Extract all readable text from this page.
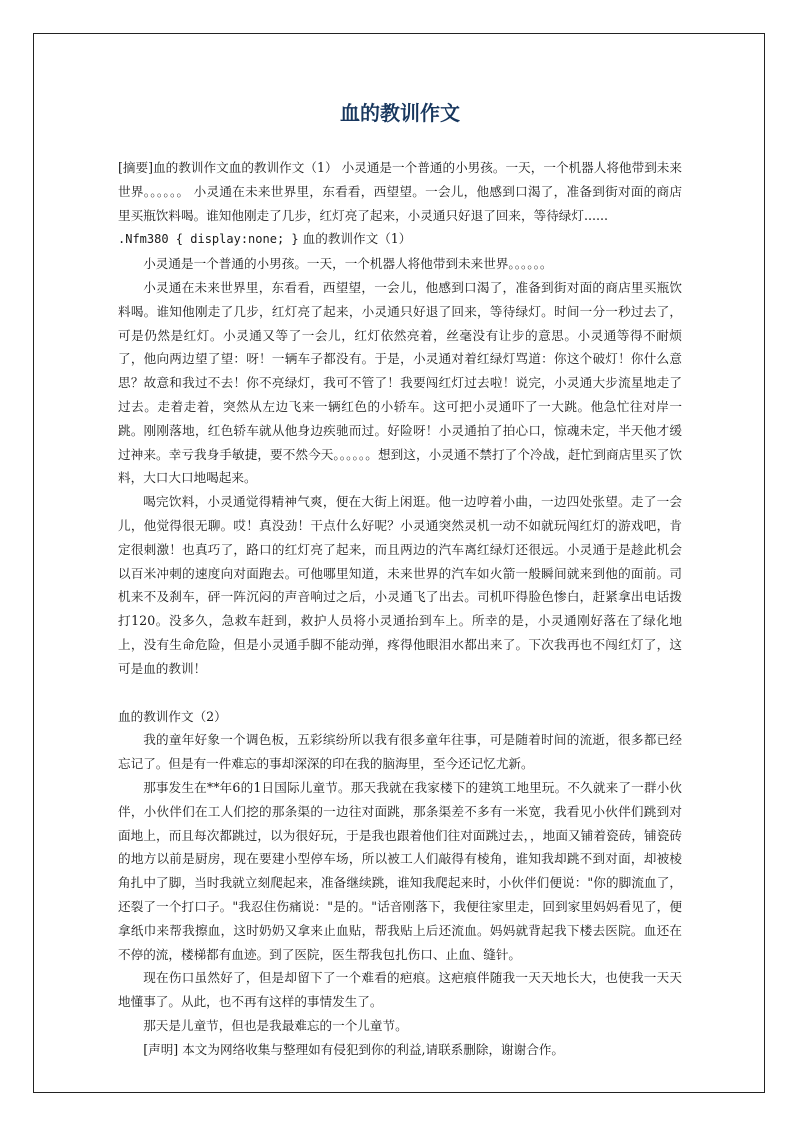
血的教训作文

[摘要]血的教训作文血的教训作文（1） 小灵通是一个普通的小男孩。一天，一个机器人将他带到未来世界。。。。。。 小灵通在未来世界里，东看看，西望望。一会儿，他感到口渴了，准备到街对面的商店里买瓶饮料喝。谁知他刚走了几步，红灯亮了起来，小灵通只好退了回来，等待绿灯......

.Nfm380 { display:none; } 血的教训作文（1）

小灵通是一个普通的小男孩。一天，一个机器人将他带到未来世界。。。。。。

小灵通在未来世界里，东看看，西望望，一会儿，他感到口渴了，准备到街对面的商店里买瓶饮料喝。谁知他刚走了几步，红灯亮了起来，小灵通只好退了回来，等待绿灯。时间一分一秒过去了，可是仍然是红灯。小灵通又等了一会儿，红灯依然亮着，丝毫没有让步的意思。小灵通等得不耐烦了，他向两边望了望：呀！一辆车子都没有。于是，小灵通对着红绿灯骂道：你这个破灯！你什么意思？故意和我过不去！你不亮绿灯，我可不管了！我要闯红灯过去啦！说完，小灵通大步流星地走了过去。走着走着，突然从左边飞来一辆红色的小轿车。这可把小灵通吓了一大跳。他急忙往对岸一跳。刚刚落地，红色轿车就从他身边疾驰而过。好险呀！小灵通拍了拍心口，惊魂未定，半天他才缓过神来。幸亏我身手敏捷，要不然今天。。。。。。想到这，小灵通不禁打了个冷战，赶忙到商店里买了饮料，大口大口地喝起来。

喝完饮料，小灵通觉得精神气爽，便在大街上闲逛。他一边哼着小曲，一边四处张望。走了一会儿，他觉得很无聊。哎！真没劲！干点什么好呢？小灵通突然灵机一动不如就玩闯红灯的游戏吧，肯定很刺激！也真巧了，路口的红灯亮了起来，而且两边的汽车离红绿灯还很远。小灵通于是趁此机会以百米冲刺的速度向对面跑去。可他哪里知道，未来世界的汽车如火箭一般瞬间就来到他的面前。司机来不及刹车，砰一阵沉闷的声音响过之后，小灵通飞了出去。司机吓得脸色惨白，赶紧拿出电话拨打120。没多久，急救车赶到，救护人员将小灵通抬到车上。所幸的是，小灵通刚好落在了绿化地上，没有生命危险，但是小灵通手脚不能动弹，疼得他眼泪水都出来了。下次我再也不闯红灯了，这可是血的教训！

血的教训作文（2）

我的童年好象一个调色板，五彩缤纷所以我有很多童年往事，可是随着时间的流逝，很多都已经忘记了。但是有一件难忘的事却深深的印在我的脑海里，至今还记忆尤新。

那事发生在**年6的1日国际儿童节。那天我就在我家楼下的建筑工地里玩。不久就来了一群小伙伴，小伙伴们在工人们挖的那条渠的一边往对面跳，那条渠差不多有一米宽，我看见小伙伴们跳到对面地上，而且每次都跳过，以为很好玩，于是我也跟着他们往对面跳过去，，地面又铺着瓷砖，铺瓷砖的地方以前是厨房，现在要建小型停车场，所以被工人们敲得有棱角，谁知我却跳不到对面，却被棱角扎中了脚，当时我就立刻爬起来，准备继续跳，谁知我爬起来时，小伙伴们便说："你的脚流血了，还裂了一个打口子。"我忍住伤痛说："是的。"话音刚落下，我便往家里走，回到家里妈妈看见了，便拿纸巾来帮我擦血，这时奶奶又拿来止血贴，帮我贴上后还流血。妈妈就背起我下楼去医院。血还在不停的流，楼梯都有血迹。到了医院，医生帮我包扎伤口、止血、缝针。

现在伤口虽然好了，但是却留下了一个难看的疤痕。这疤痕伴随我一天天地长大，也使我一天天地懂事了。从此，也不再有这样的事情发生了。

那天是儿童节，但也是我最难忘的一个儿童节。

[声明] 本文为网络收集与整理如有侵犯到你的利益,请联系删除，谢谢合作。
